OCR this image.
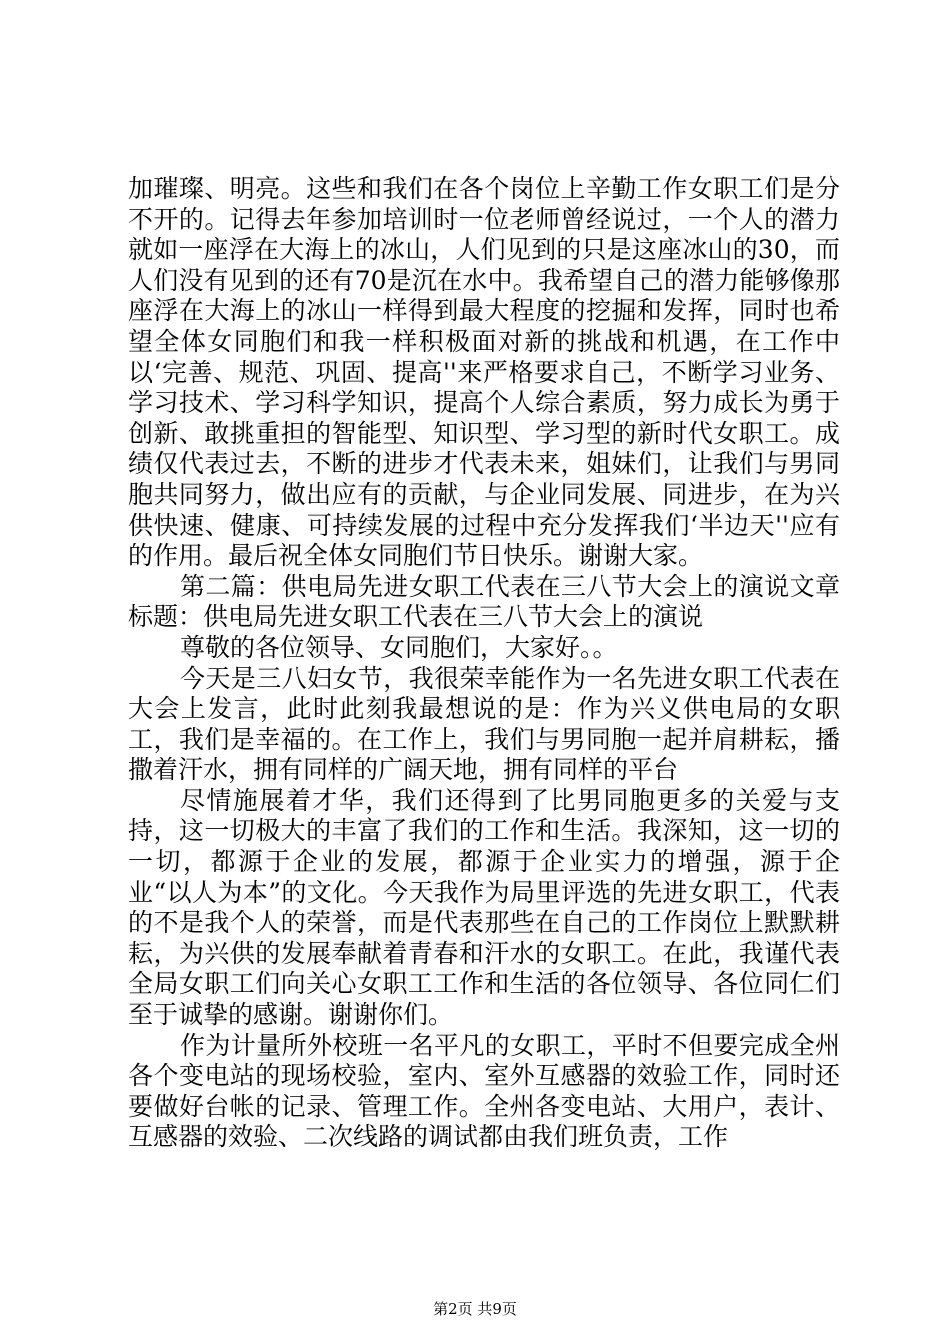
加璀璨、明亮。这些和我们在各个岗位上辛勤工作女职工们是分不开的。记得去年参加培训时一位老师曾经说过，一个人的潜力就如一座浮在大海上的冰山，人们见到的只是这座冰山的30，而人们没有见到的还有70是沉在水中。我希望自己的潜力能够像那座浮在大海上的冰山一样得到最大程度的挖掘和发挥，同时也希望全体女同胞们和我一样积极面对新的挑战和机遇，在工作中以‘完善、规范、巩固、提高''来严格要求自己，不断学习业务、学习技术、学习科学知识，提高个人综合素质，努力成长为勇于创新、敢挑重担的智能型、知识型、学习型的新时代女职工。成绩仅代表过去，不断的进步才代表未来，姐妹们，让我们与男同胞共同努力，做出应有的贡献，与企业同发展、同进步，在为兴供快速、健康、可持续发展的过程中充分发挥我们‘半边天''应有的作用。最后祝全体女同胞们节日快乐。谢谢大家。

第二篇：供电局先进女职工代表在三八节大会上的演说文章标题：供电局先进女职工代表在三八节大会上的演说

尊敬的各位领导、女同胞们，大家好。。

今天是三八妇女节，我很荣幸能作为一名先进女职工代表在大会上发言，此时此刻我最想说的是：作为兴义供电局的女职工，我们是幸福的。在工作上，我们与男同胞一起并肩耕耘，播撒着汗水，拥有同样的广阔天地，拥有同样的平台

尽情施展着才华，我们还得到了比男同胞更多的关爱与支持，这一切极大的丰富了我们的工作和生活。我深知，这一切的一切，都源于企业的发展，都源于企业实力的增强，源于企业“以人为本”的文化。今天我作为局里评选的先进女职工，代表的不是我个人的荣誉，而是代表那些在自己的工作岗位上默默耕耘，为兴供的发展奉献着青春和汗水的女职工。在此，我谨代表全局女职工们向关心女职工工作和生活的各位领导、各位同仁们至于诚挚的感谢。谢谢你们。

作为计量所外校班一名平凡的女职工，平时不但要完成全州各个变电站的现场校验，室内、室外互感器的效验工作，同时还要做好台帐的记录、管理工作。全州各变电站、大用户，表计、互感器的效验、二次线路的调试都由我们班负责，工作

第2页 共9页
